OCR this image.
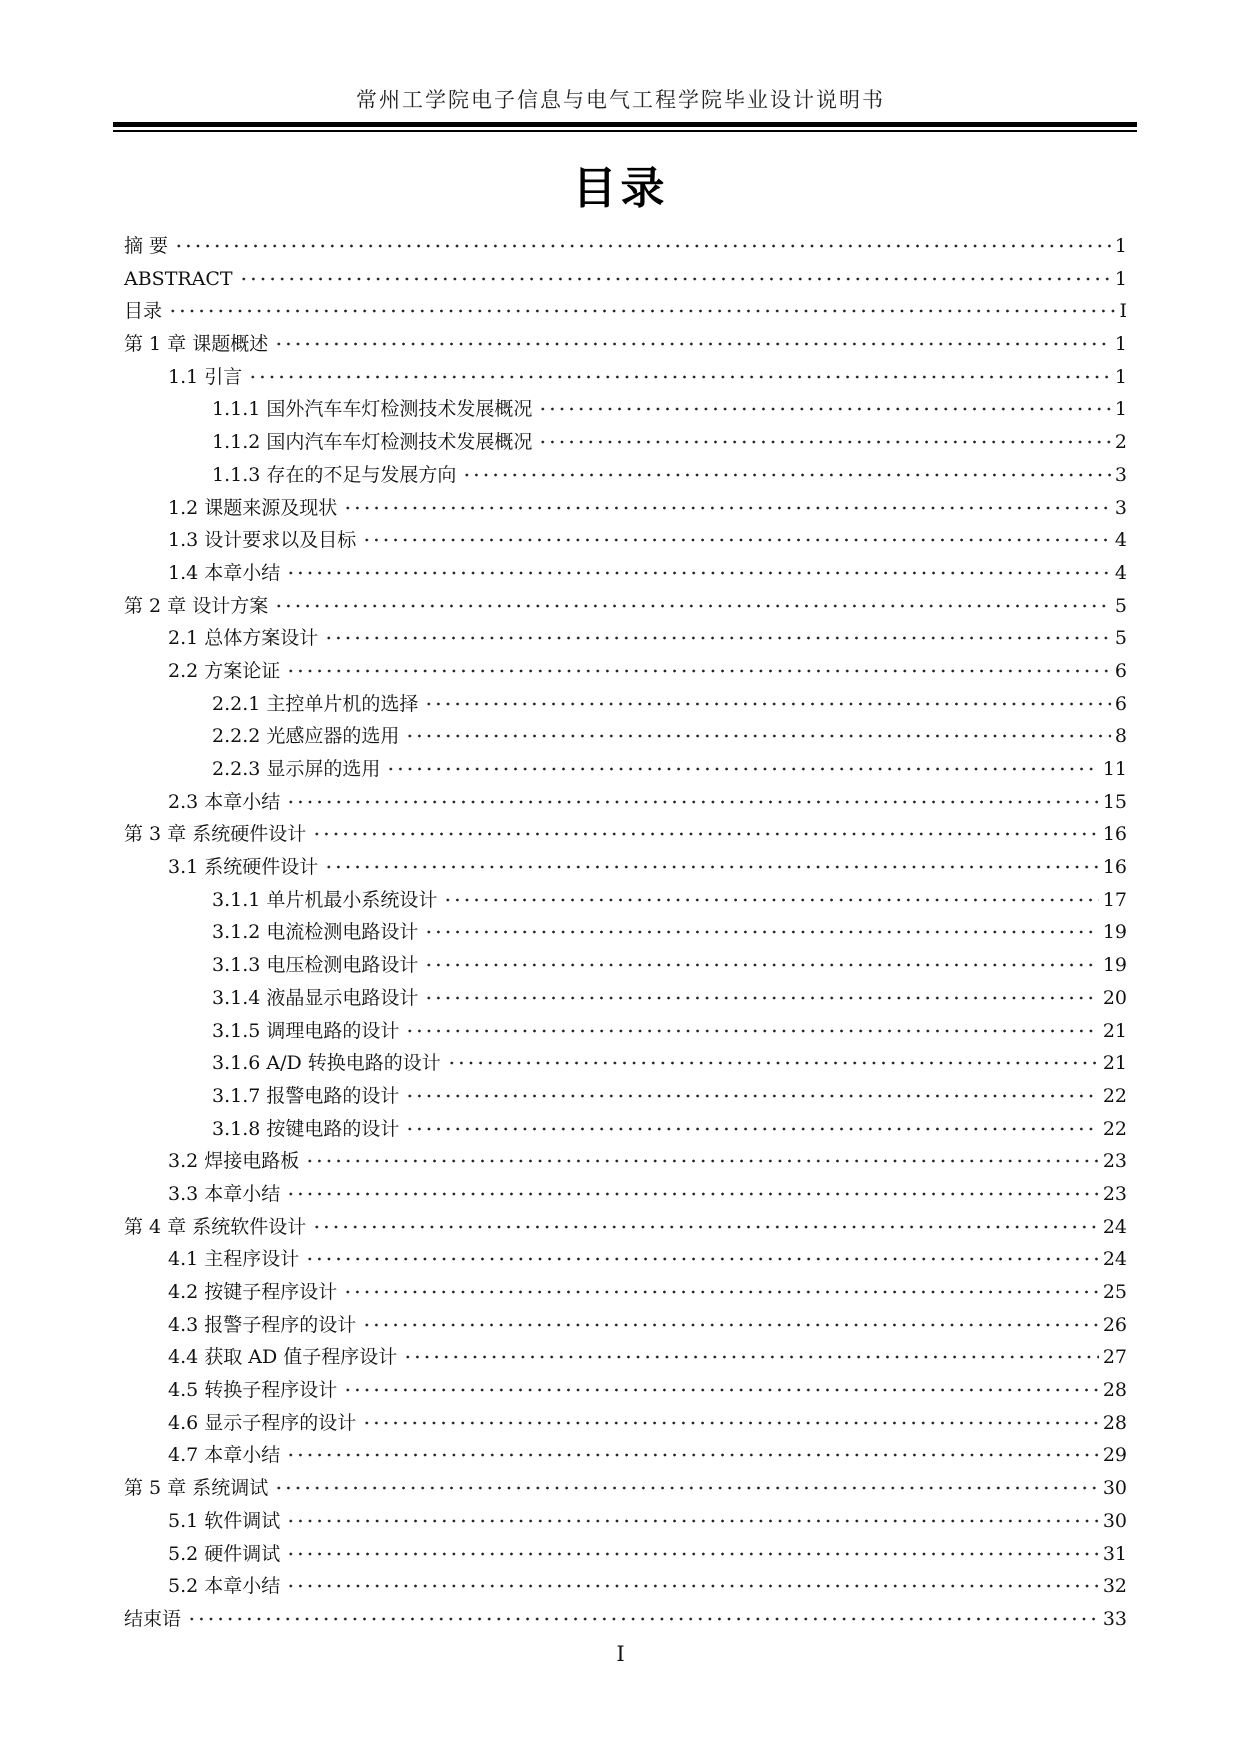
常州工学院电子信息与电气工程学院毕业设计说明书
目录
摘 要	1
ABSTRACT	1
目录	I
第 1 章 课题概述	1
1.1 引言	1
1.1.1 国外汽车车灯检测技术发展概况	1
1.1.2 国内汽车车灯检测技术发展概况	2
1.1.3 存在的不足与发展方向	3
1.2 课题来源及现状	3
1.3 设计要求以及目标	4
1.4 本章小结	4
第 2 章 设计方案	5
2.1 总体方案设计	5
2.2 方案论证	6
2.2.1 主控单片机的选择	6
2.2.2 光感应器的选用	8
2.2.3 显示屏的选用	11
2.3 本章小结	15
第 3 章 系统硬件设计	16
3.1 系统硬件设计	16
3.1.1 单片机最小系统设计	17
3.1.2 电流检测电路设计	19
3.1.3 电压检测电路设计	19
3.1.4 液晶显示电路设计	20
3.1.5 调理电路的设计	21
3.1.6 A/D 转换电路的设计	21
3.1.7 报警电路的设计	22
3.1.8 按键电路的设计	22
3.2 焊接电路板	23
3.3 本章小结	23
第 4 章 系统软件设计	24
4.1 主程序设计	24
4.2 按键子程序设计	25
4.3 报警子程序的设计	26
4.4 获取 AD 值子程序设计	27
4.5 转换子程序设计	28
4.6 显示子程序的设计	28
4.7 本章小结	29
第 5 章 系统调试	30
5.1 软件调试	30
5.2 硬件调试	31
5.2 本章小结	32
结束语	33
I
